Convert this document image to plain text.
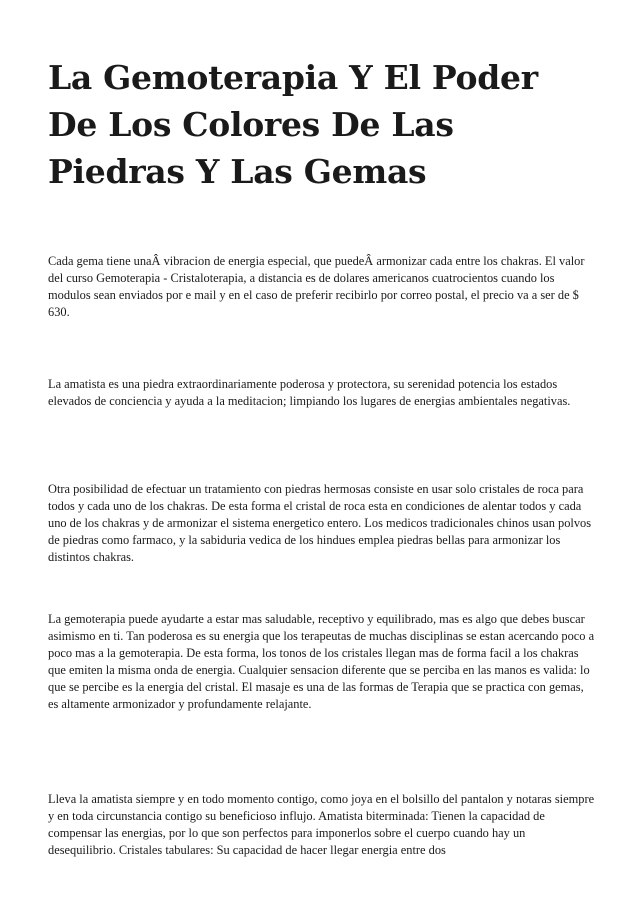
La Gemoterapia Y El Poder De Los Colores De Las Piedras Y Las Gemas

Cada gema tiene unaÂ vibracion de energia especial, que puedeÂ armonizar cada entre los chakras. El valor del curso Gemoterapia - Cristaloterapia, a distancia es de dolares americanos cuatrocientos cuando los modulos sean enviados por e mail y en el caso de preferir recibirlo por correo postal, el precio va a ser de $ 630.

La amatista es una piedra extraordinariamente poderosa y protectora, su serenidad potencia los estados elevados de conciencia y ayuda a la meditacion; limpiando los lugares de energias ambientales negativas.

Otra posibilidad de efectuar un tratamiento con piedras hermosas consiste en usar solo cristales de roca para todos y cada uno de los chakras. De esta forma el cristal de roca esta en condiciones de alentar todos y cada uno de los chakras y de armonizar el sistema energetico entero. Los medicos tradicionales chinos usan polvos de piedras como farmaco, y la sabiduria vedica de los hindues emplea piedras bellas para armonizar los distintos chakras.

La gemoterapia puede ayudarte a estar mas saludable, receptivo y equilibrado, mas es algo que debes buscar asimismo en ti. Tan poderosa es su energia que los terapeutas de muchas disciplinas se estan acercando poco a poco mas a la gemoterapia. De esta forma, los tonos de los cristales llegan mas de forma facil a los chakras que emiten la misma onda de energia. Cualquier sensacion diferente que se perciba en las manos es valida: lo que se percibe es la energia del cristal. El masaje es una de las formas de Terapia que se practica con gemas, es altamente armonizador y profundamente relajante.

Lleva la amatista siempre y en todo momento contigo, como joya en el bolsillo del pantalon y notaras siempre y en toda circunstancia contigo su beneficioso influjo. Amatista biterminada: Tienen la capacidad de compensar las energias, por lo que son perfectos para imponerlos sobre el cuerpo cuando hay un desequilibrio. Cristales tabulares: Su capacidad de hacer llegar energia entre dos
